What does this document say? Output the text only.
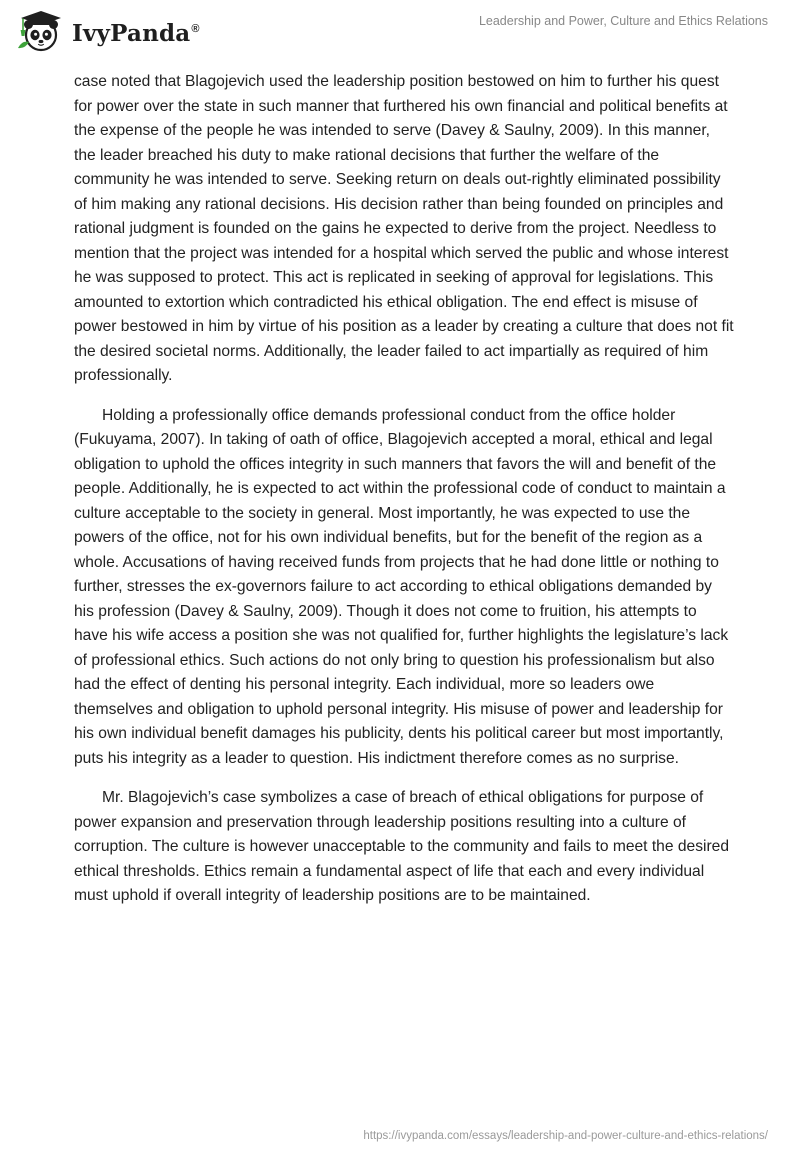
IvyPanda®
Leadership and Power, Culture and Ethics Relations

case noted that Blagojevich used the leadership position bestowed on him to further his quest for power over the state in such manner that furthered his own financial and political benefits at the expense of the people he was intended to serve (Davey & Saulny, 2009). In this manner, the leader breached his duty to make rational decisions that further the welfare of the community he was intended to serve. Seeking return on deals out-rightly eliminated possibility of him making any rational decisions. His decision rather than being founded on principles and rational judgment is founded on the gains he expected to derive from the project. Needless to mention that the project was intended for a hospital which served the public and whose interest he was supposed to protect. This act is replicated in seeking of approval for legislations. This amounted to extortion which contradicted his ethical obligation. The end effect is misuse of power bestowed in him by virtue of his position as a leader by creating a culture that does not fit the desired societal norms. Additionally, the leader failed to act impartially as required of him professionally.

Holding a professionally office demands professional conduct from the office holder (Fukuyama, 2007). In taking of oath of office, Blagojevich accepted a moral, ethical and legal obligation to uphold the offices integrity in such manners that favors the will and benefit of the people. Additionally, he is expected to act within the professional code of conduct to maintain a culture acceptable to the society in general. Most importantly, he was expected to use the powers of the office, not for his own individual benefits, but for the benefit of the region as a whole. Accusations of having received funds from projects that he had done little or nothing to further, stresses the ex-governors failure to act according to ethical obligations demanded by his profession (Davey & Saulny, 2009). Though it does not come to fruition, his attempts to have his wife access a position she was not qualified for, further highlights the legislature’s lack of professional ethics. Such actions do not only bring to question his professionalism but also had the effect of denting his personal integrity. Each individual, more so leaders owe themselves and obligation to uphold personal integrity. His misuse of power and leadership for his own individual benefit damages his publicity, dents his political career but most importantly, puts his integrity as a leader to question. His indictment therefore comes as no surprise.

Mr. Blagojevich’s case symbolizes a case of breach of ethical obligations for purpose of power expansion and preservation through leadership positions resulting into a culture of corruption. The culture is however unacceptable to the community and fails to meet the desired ethical thresholds. Ethics remain a fundamental aspect of life that each and every individual must uphold if overall integrity of leadership positions are to be maintained.

https://ivypanda.com/essays/leadership-and-power-culture-and-ethics-relations/
